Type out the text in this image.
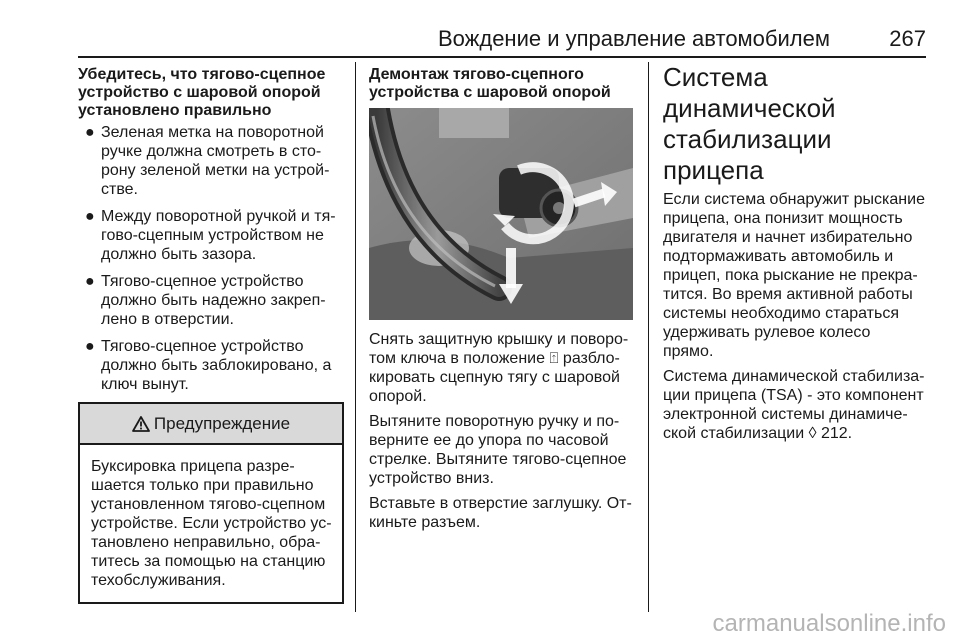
Вождение и управление автомобилем	267
Убедитесь, что тягово-сцепное устройство с шаровой опорой установлено правильно
● Зеленая метка на поворотной ручке должна смотреть в сто- рону зеленой метки на устрой- стве.
● Между поворотной ручкой и тя- гово-сцепным устройством не должно быть зазора.
● Тягово-сцепное устройство должно быть надежно закреп- лено в отверстии.
● Тягово-сцепное устройство должно быть заблокировано, а ключ вынут.
Предупреждение
Буксировка прицепа разре- шается только при правильно установленном тягово-сцепном устройстве. Если устройство ус- тановлено неправильно, обра- титесь за помощью на станцию техобслуживания.
Демонтаж тягово-сцепного устройства с шаровой опорой

Снять защитную крышку и поворо- том ключа в положение ⍐ разбло- кировать сцепную тягу с шаровой опорой.

Вытяните поворотную ручку и по- верните ее до упора по часовой стрелке. Вытяните тягово-сцепное устройство вниз.

Вставьте в отверстие заглушку. От- киньте разъем.

Система динамической стабилизации прицепа

Если система обнаружит рыскание прицепа, она понизит мощность двигателя и начнет избирательно подтормаживать автомобиль и прицеп, пока рыскание не прекра- тится. Во время активной работы системы необходимо стараться удерживать рулевое колесо прямо.

Система динамической стабилиза- ции прицепа (TSA) - это компонент электронной системы динамиче- ской стабилизации ◊ 212.

carmanualsonline.info
